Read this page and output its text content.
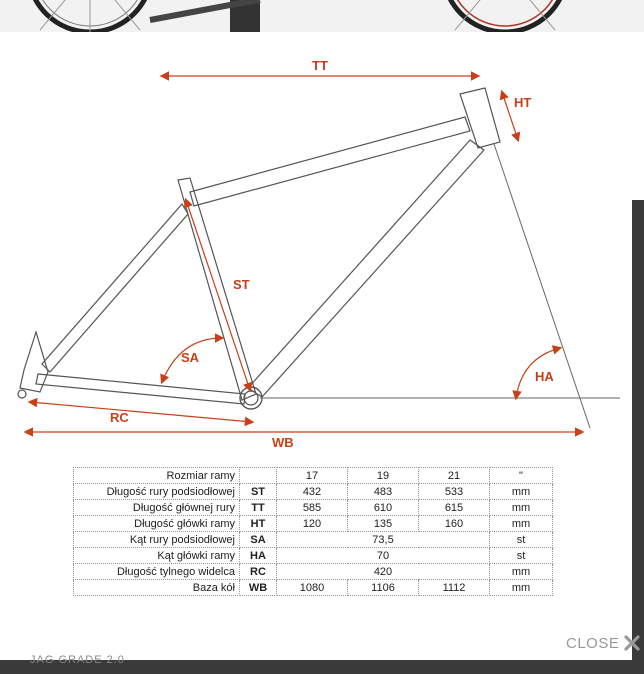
JAG GRADE 2.0
TT
HT
ST
SA
HA
RC
WB
Rozmiar ramy		17	19	21	"
Długość rury podsiodłowej	ST	432	483	533	mm
Długość głównej rury	TT	585	610	615	mm
Długość główki ramy	HT	120	135	160	mm
Kąt rury podsiodłowej	SA	73,5			st
Kąt główki ramy	HA	70			st
Długość tylnego widelca	RC	420			mm
Baza kół	WB	1080	1106	1112	mm
CLOSE
